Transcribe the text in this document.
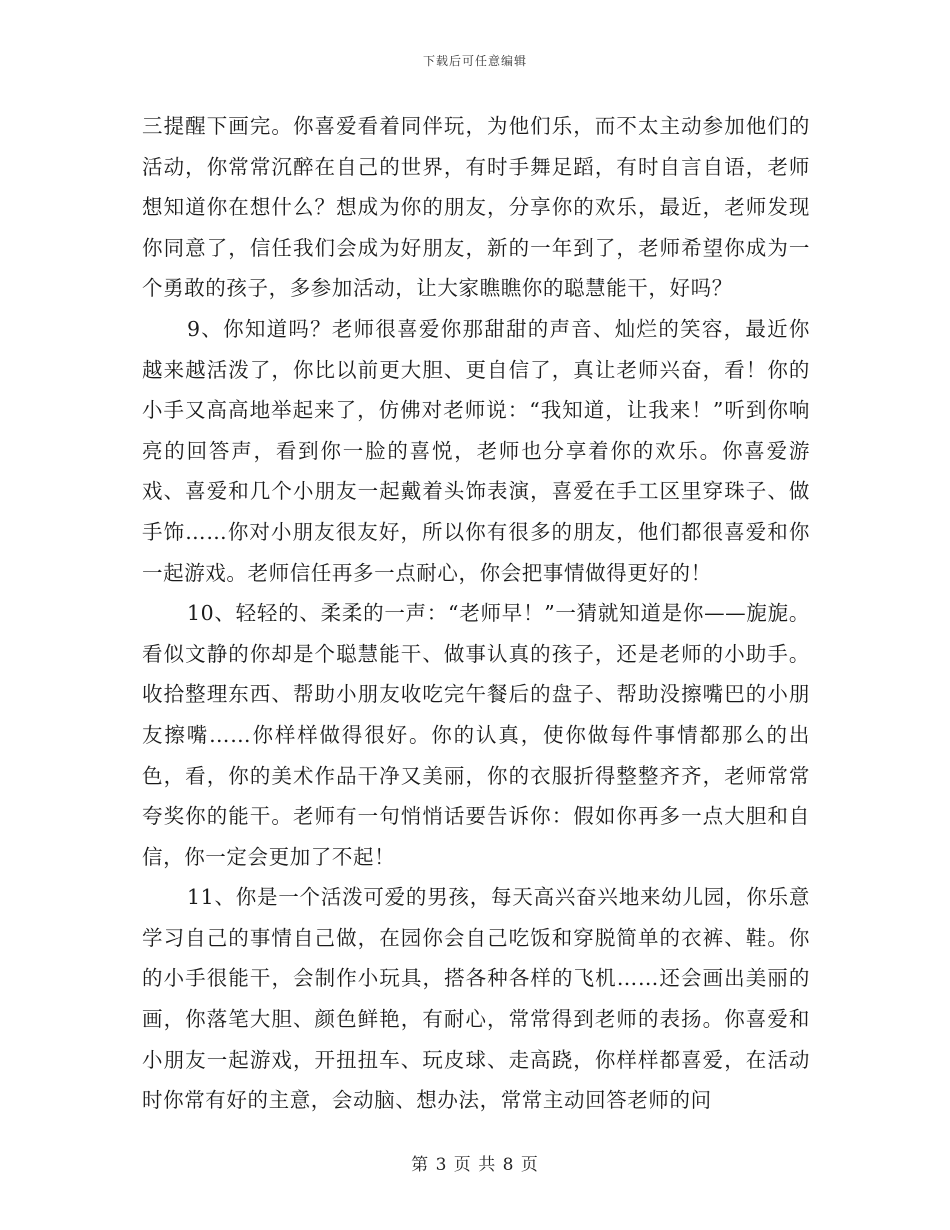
下载后可任意编辑

三提醒下画完。你喜爱看着同伴玩，为他们乐，而不太主动参加他们的活动，你常常沉醉在自己的世界，有时手舞足蹈，有时自言自语，老师想知道你在想什么？想成为你的朋友，分享你的欢乐，最近，老师发现你同意了，信任我们会成为好朋友，新的一年到了，老师希望你成为一个勇敢的孩子，多参加活动，让大家瞧瞧你的聪慧能干，好吗？

9、你知道吗？老师很喜爱你那甜甜的声音、灿烂的笑容，最近你越来越活泼了，你比以前更大胆、更自信了，真让老师兴奋，看！你的小手又高高地举起来了，仿佛对老师说：“我知道，让我来！”听到你响亮的回答声，看到你一脸的喜悦，老师也分享着你的欢乐。你喜爱游戏、喜爱和几个小朋友一起戴着头饰表演，喜爱在手工区里穿珠子、做手饰……你对小朋友很友好，所以你有很多的朋友，他们都很喜爱和你一起游戏。老师信任再多一点耐心，你会把事情做得更好的！

10、轻轻的、柔柔的一声：“老师早！”一猜就知道是你——旎旎。看似文静的你却是个聪慧能干、做事认真的孩子，还是老师的小助手。收拾整理东西、帮助小朋友收吃完午餐后的盘子、帮助没擦嘴巴的小朋友擦嘴……你样样做得很好。你的认真，使你做每件事情都那么的出色，看，你的美术作品干净又美丽，你的衣服折得整整齐齐，老师常常夸奖你的能干。老师有一句悄悄话要告诉你：假如你再多一点大胆和自信，你一定会更加了不起！

11、你是一个活泼可爱的男孩，每天高兴奋兴地来幼儿园，你乐意学习自己的事情自己做，在园你会自己吃饭和穿脱简单的衣裤、鞋。你的小手很能干，会制作小玩具，搭各种各样的飞机……还会画出美丽的画，你落笔大胆、颜色鲜艳，有耐心，常常得到老师的表扬。你喜爱和小朋友一起游戏，开扭扭车、玩皮球、走高跷，你样样都喜爱，在活动时你常有好的主意，会动脑、想办法，常常主动回答老师的问

第 3 页 共 8 页
